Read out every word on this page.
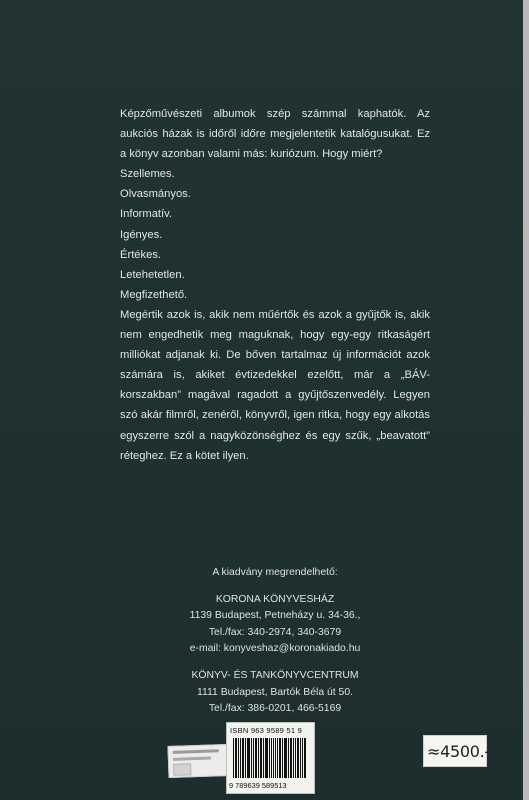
Képzőművészeti albumok szép számmal kaphatók. Az aukciós házak is időről időre megjelentetik katalógusukat. Ez a könyv azonban valami más: kuriózum. Hogy miért?

Szellemes.

Olvasmányos.

Informatív.

Igényes.

Értékes.

Letehetetlen.

Megfizethető.

Megértik azok is, akik nem műértők és azok a gyűjtők is, akik nem engedhetik meg maguknak, hogy egy-egy ritkaságért milliókat adjanak ki. De bőven tartalmaz új információt azok számára is, akiket évtizedekkel ezelőtt, már a „BÁV-korszakban” magával ragadott a gyűjtőszenvedély. Legyen szó akár filmről, zenéről, könyvről, igen ritka, hogy egy alkotás egyszerre szól a nagyközönséghez és egy szűk, „beavatott” réteghez. Ez a kötet ilyen.

A kiadvány megrendelhető:

KORONA KÖNYVESHÁZ

1139 Budapest, Petneházy u. 34-36.,

Tel./fax: 340-2974, 340-3679

e-mail: konyveshaz@koronakiado.hu

KÖNYV- ÉS TANKÖNYVCENTRUM

1111 Budapest, Bartók Béla út 50.

Tel./fax: 386-0201, 466-5169

ISBN 963 9589 51 9
9 789639 589513
≈4500.-
